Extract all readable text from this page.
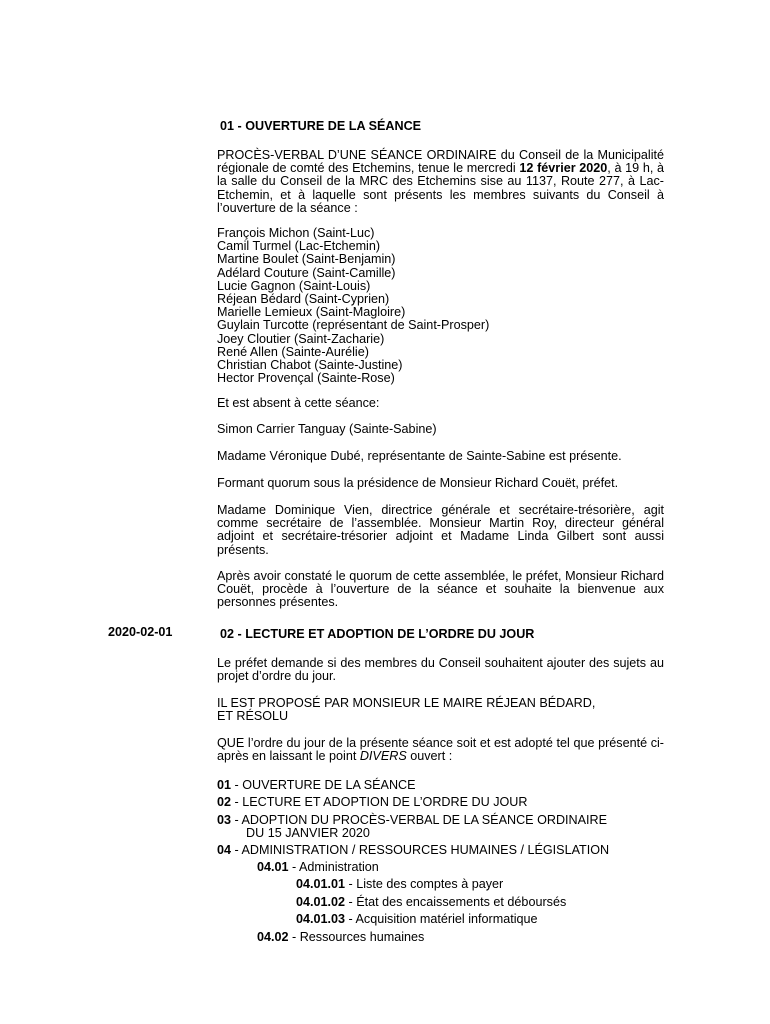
01 - OUVERTURE DE LA SÉANCE

PROCÈS-VERBAL D’UNE SÉANCE ORDINAIRE du Conseil de la Municipalité régionale de comté des Etchemins, tenue le mercredi 12 février 2020, à 19 h, à la salle du Conseil de la MRC des Etchemins sise au 1137, Route 277, à Lac-Etchemin, et à laquelle sont présents les membres suivants du Conseil à l’ouverture de la séance :

François Michon (Saint-Luc)
Camil Turmel (Lac-Etchemin)
Martine Boulet (Saint-Benjamin)
Adélard Couture (Saint-Camille)
Lucie Gagnon (Saint-Louis)
Réjean Bédard (Saint-Cyprien)
Marielle Lemieux (Saint-Magloire)
Guylain Turcotte (représentant de Saint-Prosper)
Joey Cloutier (Saint-Zacharie)
René Allen (Sainte-Aurélie)
Christian Chabot (Sainte-Justine)
Hector Provençal (Sainte-Rose)
Et est absent à cette séance:
Simon Carrier Tanguay (Sainte-Sabine)
Madame Véronique Dubé, représentante de Sainte-Sabine est présente.
Formant quorum sous la présidence de Monsieur Richard Couët, préfet.
Madame Dominique Vien, directrice générale et secrétaire-trésorière, agit comme secrétaire de l’assemblée. Monsieur Martin Roy, directeur général adjoint et secrétaire-trésorier adjoint et Madame Linda Gilbert sont aussi présents.
Après avoir constaté le quorum de cette assemblée, le préfet, Monsieur Richard Couët, procède à l’ouverture de la séance et souhaite la bienvenue aux personnes présentes.
2020-02-01	02 - LECTURE ET ADOPTION DE L’ORDRE DU JOUR
Le préfet demande si des membres du Conseil souhaitent ajouter des sujets au projet d’ordre du jour.
IL EST PROPOSÉ PAR MONSIEUR LE MAIRE RÉJEAN BÉDARD,
ET RÉSOLU

QUE l’ordre du jour de la présente séance soit et est adopté tel que présenté ci-après en laissant le point DIVERS ouvert :

01 - OUVERTURE DE LA SÉANCE
02 - LECTURE ET ADOPTION DE L’ORDRE DU JOUR
03 - ADOPTION DU PROCÈS-VERBAL DE LA SÉANCE ORDINAIRE
DU 15 JANVIER 2020
04 - ADMINISTRATION / RESSOURCES HUMAINES / LÉGISLATION
04.01 - Administration
04.01.01 - Liste des comptes à payer
04.01.02 - État des encaissements et déboursés
04.01.03 - Acquisition matériel informatique
04.02 - Ressources humaines
